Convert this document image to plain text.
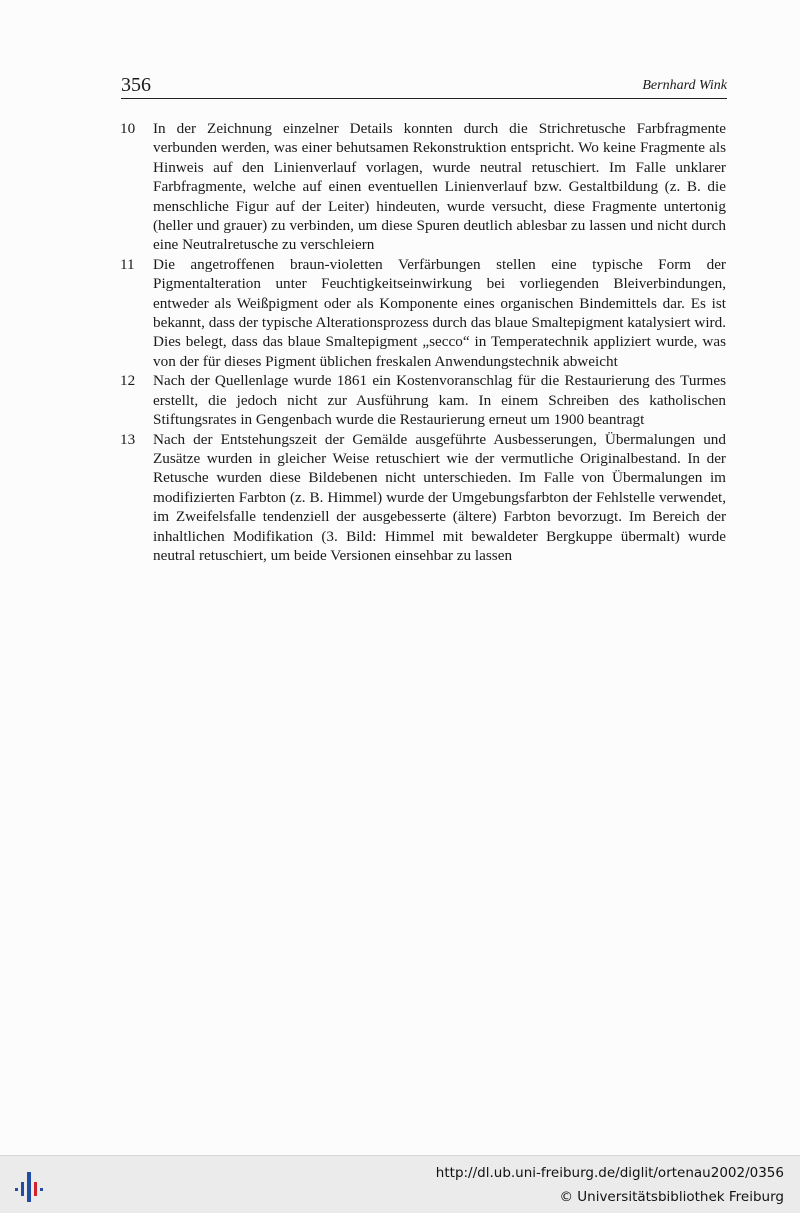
356	Bernhard Wink
10	In der Zeichnung einzelner Details konnten durch die Strichretusche Farbfragmente verbunden werden, was einer behutsamen Rekonstruktion entspricht. Wo keine Fragmente als Hinweis auf den Linienverlauf vorlagen, wurde neutral retuschiert. Im Falle unklarer Farbfragmente, welche auf einen eventuellen Linienverlauf bzw. Gestaltbildung (z. B. die menschliche Figur auf der Leiter) hindeuten, wurde versucht, diese Fragmente untertonig (heller und grauer) zu verbinden, um diese Spuren deutlich ablesbar zu lassen und nicht durch eine Neutralretusche zu verschleiern
11	Die angetroffenen braun-violetten Verfärbungen stellen eine typische Form der Pigmentalteration unter Feuchtigkeitseinwirkung bei vorliegenden Bleiverbindungen, entweder als Weißpigment oder als Komponente eines organischen Bindemittels dar. Es ist bekannt, dass der typische Alterationsprozess durch das blaue Smaltepigment katalysiert wird. Dies belegt, dass das blaue Smaltepigment „secco“ in Temperatechnik appliziert wurde, was von der für dieses Pigment üblichen freskalen Anwendungstechnik abweicht
12	Nach der Quellenlage wurde 1861 ein Kostenvoranschlag für die Restaurierung des Turmes erstellt, die jedoch nicht zur Ausführung kam. In einem Schreiben des katholischen Stiftungsrates in Gengenbach wurde die Restaurierung erneut um 1900 beantragt
13	Nach der Entstehungszeit der Gemälde ausgeführte Ausbesserungen, Übermalungen und Zusätze wurden in gleicher Weise retuschiert wie der vermutliche Originalbestand. In der Retusche wurden diese Bildebenen nicht unterschieden. Im Falle von Übermalungen im modifizierten Farbton (z. B. Himmel) wurde der Umgebungsfarbton der Fehlstelle verwendet, im Zweifelsfalle tendenziell der ausgebesserte (ältere) Farbton bevorzugt. Im Bereich der inhaltlichen Modifikation (3. Bild: Himmel mit bewaldeter Bergkuppe übermalt) wurde neutral retuschiert, um beide Versionen einsehbar zu lassen
http://dl.ub.uni-freiburg.de/diglit/ortenau2002/0356
© Universitätsbibliothek Freiburg
